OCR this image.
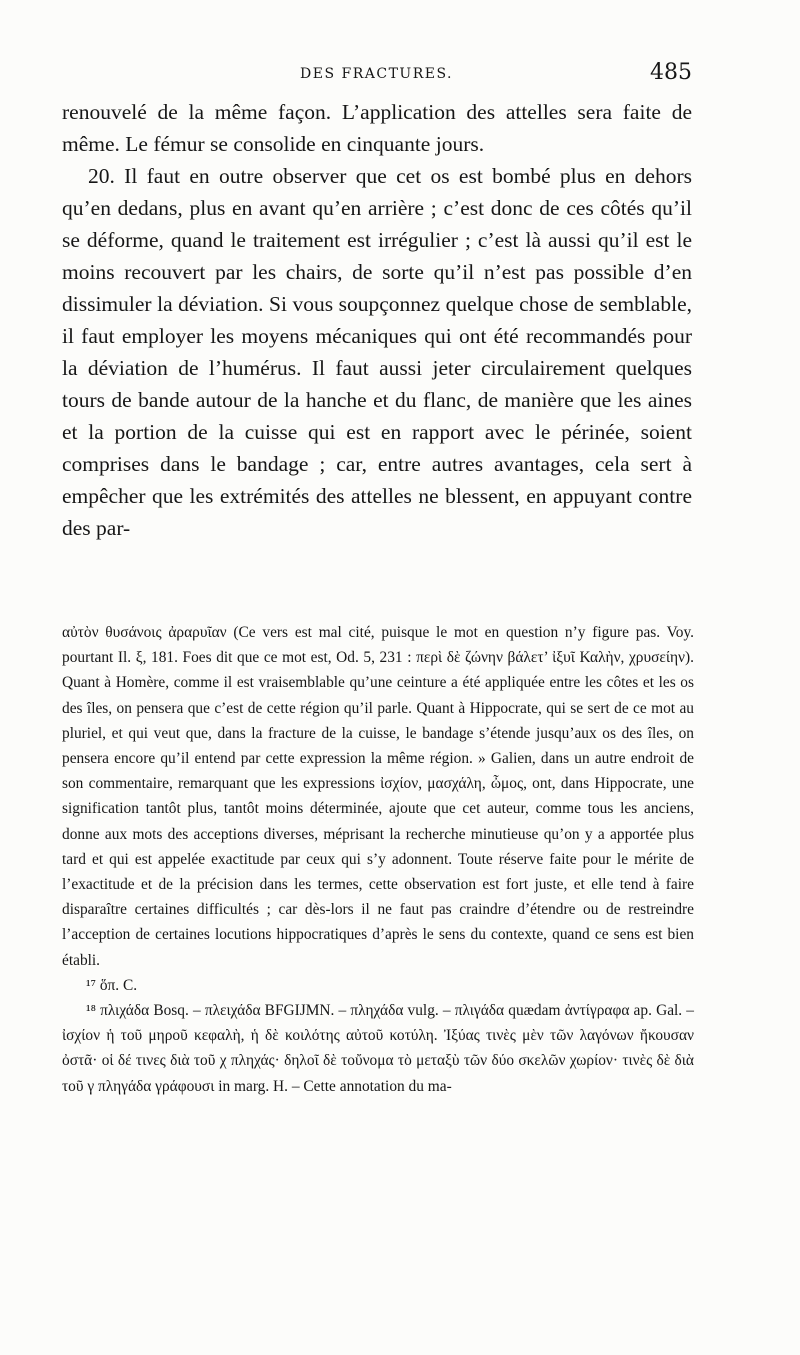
DES FRACTURES.	485

renouvelé de la même façon. L’application des attelles sera faite de même. Le fémur se consolide en cinquante jours.

20. Il faut en outre observer que cet os est bombé plus en dehors qu’en dedans, plus en avant qu’en arrière ; c’est donc de ces côtés qu’il se déforme, quand le traitement est irrégulier ; c’est là aussi qu’il est le moins recouvert par les chairs, de sorte qu’il n’est pas possible d’en dissimuler la déviation. Si vous soupçonnez quelque chose de semblable, il faut employer les moyens mécaniques qui ont été recommandés pour la déviation de l’humérus. Il faut aussi jeter circulairement quelques tours de bande autour de la hanche et du flanc, de manière que les aines et la portion de la cuisse qui est en rapport avec le périnée, soient comprises dans le bandage ; car, entre autres avantages, cela sert à empêcher que les extrémités des attelles ne blessent, en appuyant contre des par-

αὐτὸν θυσάνοις ἀραρυῖαν (Ce vers est mal cité, puisque le mot en question n’y figure pas. Voy. pourtant Il. ξ, 181. Foes dit que ce mot est, Od. 5, 231 : περὶ δὲ ζώνην βάλετ’ ἰξυῖ Καλὴν, χρυσείην). Quant à Homère, comme il est vraisemblable qu’une ceinture a été appliquée entre les côtes et les os des îles, on pensera que c’est de cette région qu’il parle. Quant à Hippocrate, qui se sert de ce mot au pluriel, et qui veut que, dans la fracture de la cuisse, le bandage s’étende jusqu’aux os des îles, on pensera encore qu’il entend par cette expression la même région. » Galien, dans un autre endroit de son commentaire, remarquant que les expressions ἰσχίον, μασχάλη, ὦμος, ont, dans Hippocrate, une signification tantôt plus, tantôt moins déterminée, ajoute que cet auteur, comme tous les anciens, donne aux mots des acceptions diverses, méprisant la recherche minutieuse qu’on y a apportée plus tard et qui est appelée exactitude par ceux qui s’y adonnent. Toute réserve faite pour le mérite de l’exactitude et de la précision dans les termes, cette observation est fort juste, et elle tend à faire disparaître certaines difficultés ; car dès-lors il ne faut pas craindre d’étendre ou de restreindre l’acception de certaines locutions hippocratiques d’après le sens du contexte, quand ce sens est bien établi.

¹⁷ ὅπ. C.

¹⁸ πλιχάδα Bosq. – πλειχάδα BFGIJMN. – πληχάδα vulg. – πλιγάδα quædam ἀντίγραφα ap. Gal. – ἰσχίον ἡ τοῦ μηροῦ κεφαλὴ, ἡ δὲ κοιλότης αὐτοῦ κοτύλη. Ἰξύας τινὲς μὲν τῶν λαγόνων ἤκουσαν ὀστᾶ· οἱ δέ τινες διὰ τοῦ χ πληχάς· δηλοῖ δὲ τοὔνομα τὸ μεταξὺ τῶν δύο σκελῶν χωρίον· τινὲς δὲ διὰ τοῦ γ πληγάδα γράφουσι in marg. H. – Cette annotation du ma-
